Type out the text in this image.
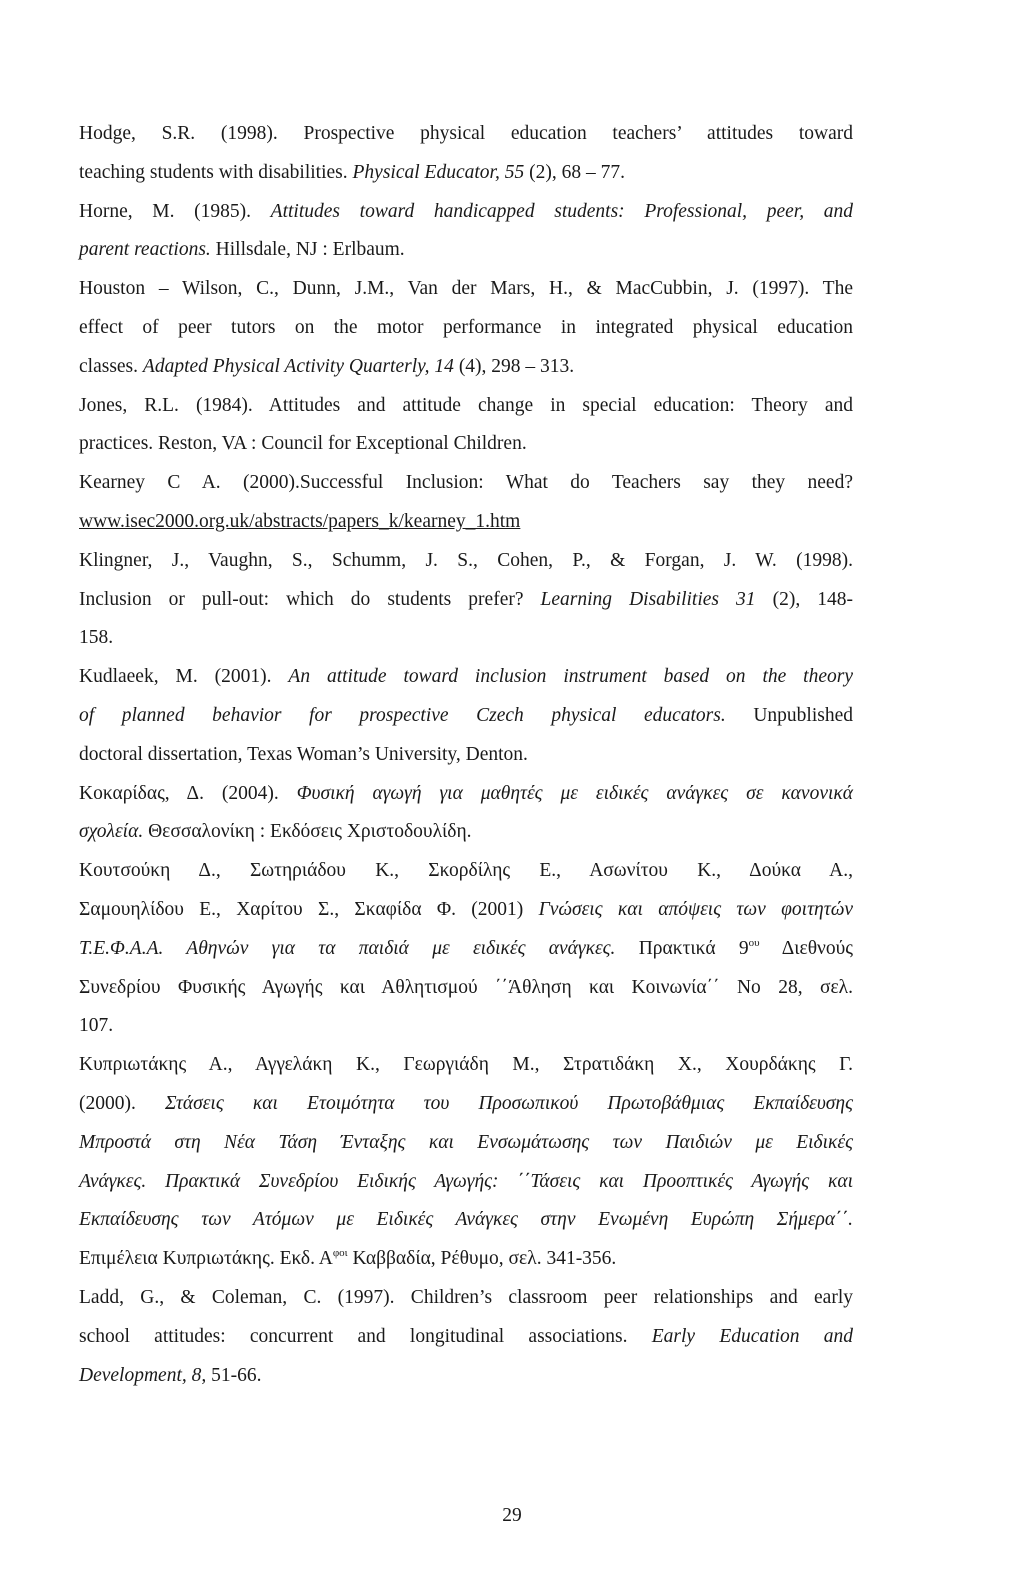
Hodge, S.R. (1998). Prospective physical education teachers’ attitudes toward
teaching students with disabilities. Physical Educator, 55 (2), 68 – 77.
Horne, M. (1985). Attitudes toward handicapped students: Professional, peer, and
parent reactions. Hillsdale, NJ : Erlbaum.
Houston – Wilson, C., Dunn, J.M., Van der Mars, H., & MacCubbin, J. (1997). The
effect of peer tutors on the motor performance in integrated physical education
classes. Adapted Physical Activity Quarterly, 14 (4), 298 – 313.
Jones, R.L. (1984). Attitudes and attitude change in special education: Theory and
practices. Reston, VA : Council for Exceptional Children.
Kearney C A. (2000).Successful Inclusion: What do Teachers say they need?
www.isec2000.org.uk/abstracts/papers_k/kearney_1.htm
Klingner, J., Vaughn, S., Schumm, J. S., Cohen, P., & Forgan, J. W. (1998).
Inclusion or pull-out: which do students prefer? Learning Disabilities 31 (2), 148-
158.
Kudlaeek, M. (2001). An attitude toward inclusion instrument based on the theory
of planned behavior for prospective Czech physical educators. Unpublished
doctoral dissertation, Texas Woman’s University, Denton.
Κοκαρίδας, Δ. (2004). Φυσική αγωγή για μαθητές με ειδικές ανάγκες σε κανονικά
σχολεία. Θεσσαλονίκη : Εκδόσεις Χριστοδουλίδη.
Κουτσούκη Δ., Σωτηριάδου Κ., Σκορδίλης Ε., Ασωνίτου Κ., Δούκα Α.,
Σαμουηλίδου Ε., Χαρίτου Σ., Σκαφίδα Φ. (2001) Γνώσεις και απόψεις των φοιτητών
Τ.Ε.Φ.Α.Α. Αθηνών για τα παιδιά με ειδικές ανάγκες. Πρακτικά $9^{o\upsilon}$ Διεθνούς
Συνεδρίου Φυσικής Αγωγής και Αθλητισμού ΄΄Άθληση και Κοινωνία΄΄ Νο 28, σελ.
107.
Κυπριωτάκης Α., Αγγελάκη Κ., Γεωργιάδη Μ., Στρατιδάκη Χ., Χουρδάκης Γ.
(2000). Στάσεις και Ετοιμότητα του Προσωπικού Πρωτοβάθμιας Εκπαίδευσης
Μπροστά στη Νέα Τάση Ένταξης και Ενσωμάτωσης των Παιδιών με Ειδικές
Ανάγκες. Πρακτικά Συνεδρίου Ειδικής Αγωγής: ΄΄Τάσεις και Προοπτικές Αγωγής και
Εκπαίδευσης των Ατόμων με Ειδικές Ανάγκες στην Ενωμένη Ευρώπη Σήμερα΄΄.
Επιμέλεια Κυπριωτάκης. Εκδ. $A^{\varphi o\iota}$ Καββαδία, Ρέθυμο, σελ. 341-356.
Ladd, G., & Coleman, C. (1997). Children’s classroom peer relationships and early
school attitudes: concurrent and longitudinal associations. Early Education and
Development, 8, 51-66.
29
